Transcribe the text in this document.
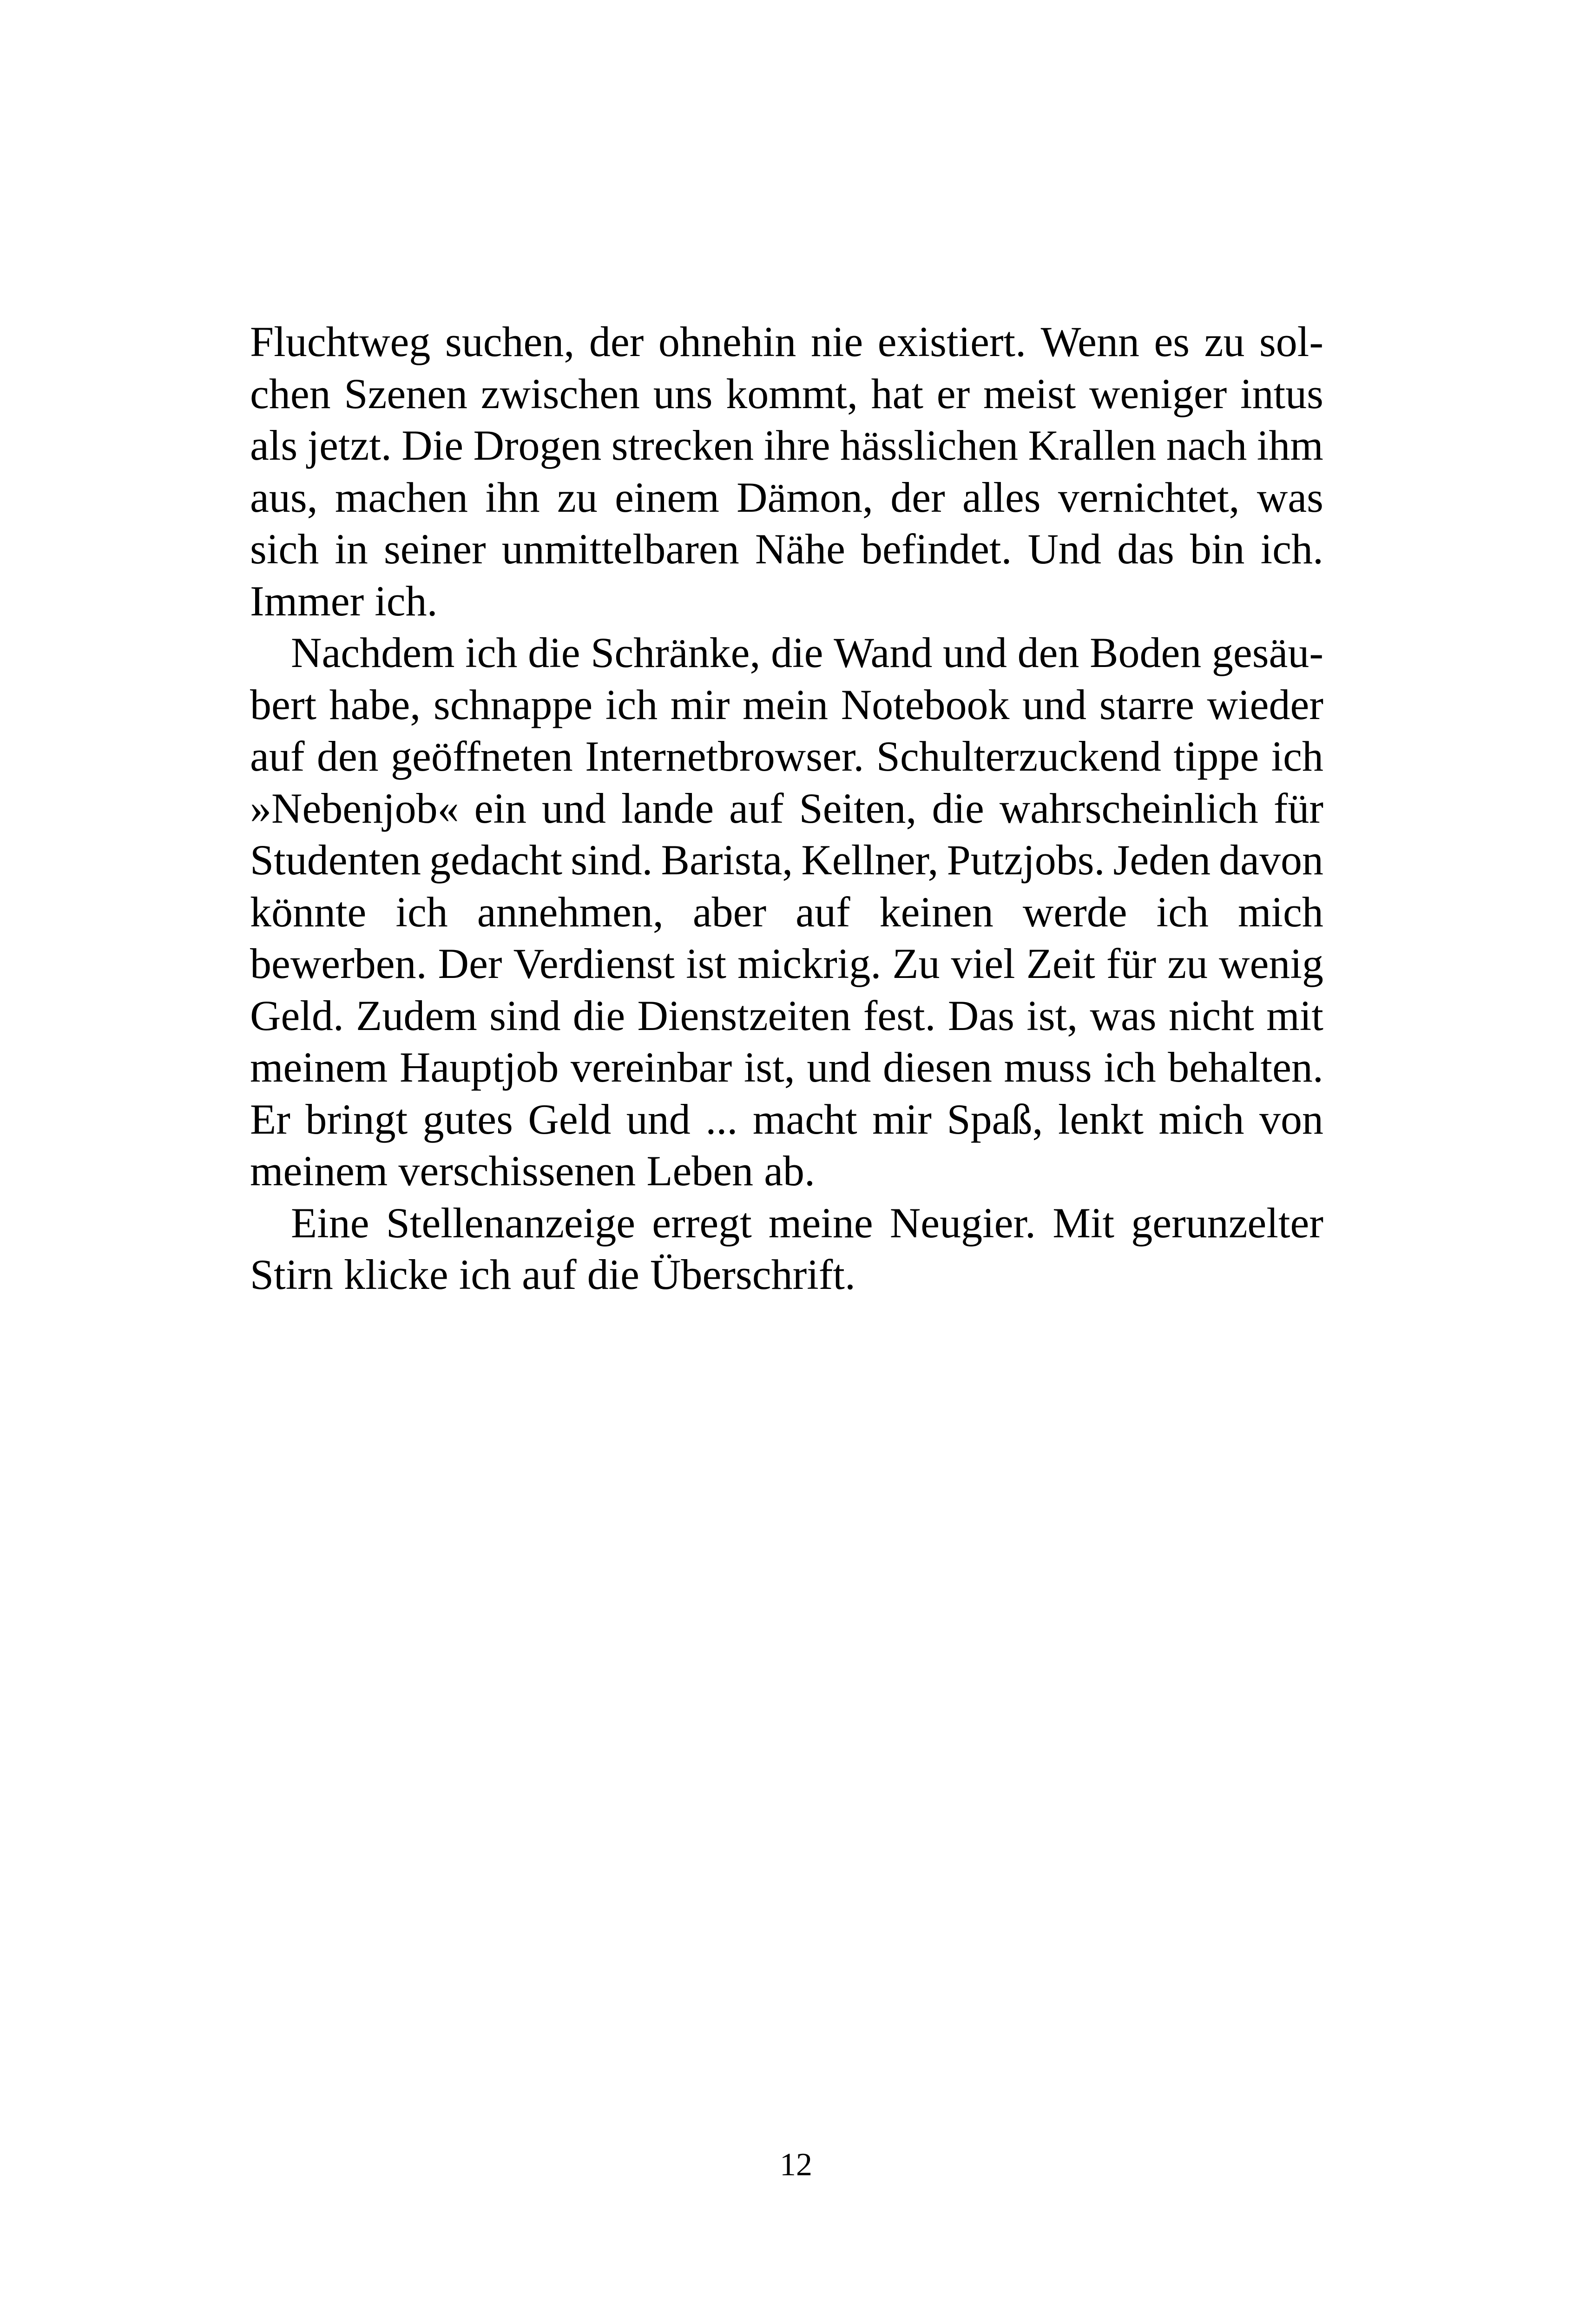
Fluchtweg suchen, der ohnehin nie existiert. Wenn es zu sol-
chen Szenen zwischen uns kommt, hat er meist weniger intus
als jetzt. Die Drogen strecken ihre hässlichen Krallen nach ihm
aus, machen ihn zu einem Dämon, der alles vernichtet, was
sich in seiner unmittelbaren Nähe befindet. Und das bin ich.
Immer ich.
Nachdem ich die Schränke, die Wand und den Boden gesäu-
bert habe, schnappe ich mir mein Notebook und starre wieder
auf den geöffneten Internetbrowser. Schulterzuckend tippe ich
»Nebenjob« ein und lande auf Seiten, die wahrscheinlich für
Studenten gedacht sind. Barista, Kellner, Putzjobs. Jeden davon
könnte ich annehmen, aber auf keinen werde ich mich
bewerben. Der Verdienst ist mickrig. Zu viel Zeit für zu wenig
Geld. Zudem sind die Dienstzeiten fest. Das ist, was nicht mit
meinem Hauptjob vereinbar ist, und diesen muss ich behalten.
Er bringt gutes Geld und ... macht mir Spaß, lenkt mich von
meinem verschissenen Leben ab.
Eine Stellenanzeige erregt meine Neugier. Mit gerunzelter
Stirn klicke ich auf die Überschrift.
12
